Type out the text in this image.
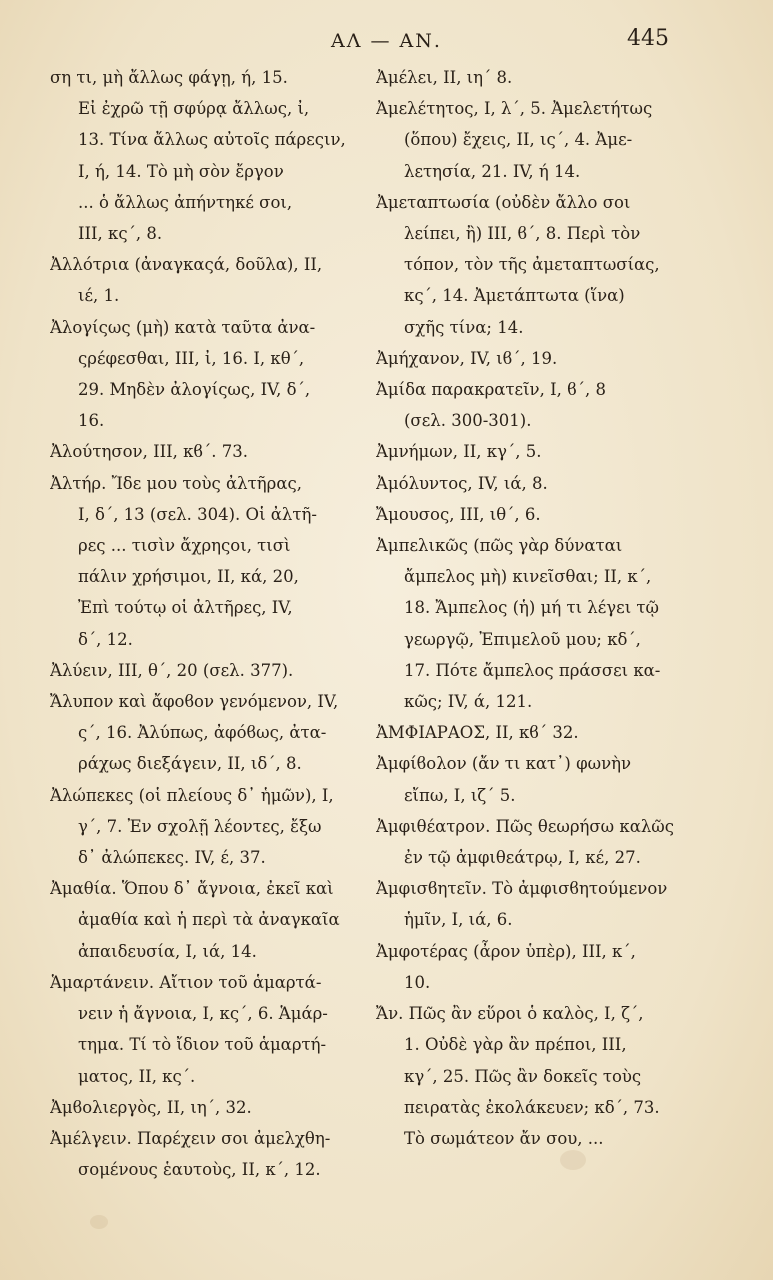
ΑΛ — ΑΝ.	445
ση τι, μὴ ἄλλως φάγῃ, ή, 15.
Εἰ ἐχρῶ τῇ σφύρᾳ ἄλλως, ἰ,
13. Τίνα ἄλλως αὐτοῖς πάρεςιν,
Ι, ή, 14. Τὸ μὴ σὸν ἔργον
... ὁ ἄλλως ἀπήντηκέ σοι,
ΙΙΙ, κς΄, 8.
Ἀλλότρια (ἀναγκαςά, δοῦλα), ΙΙ,
ιέ, 1.
Ἀλογίςως (μὴ) κατὰ ταῦτα ἀνα-
ςρέφεσθαι, ΙΙΙ, ἰ, 16. Ι, κθ΄,
29. Μηδὲν ἀλογίςως, ΙV, δ΄,
16.
Ἀλούτησον, ΙΙΙ, κϐ΄. 73.
Ἀλτήρ. Ἴδε μου τοὺς ἀλτῆρας,
Ι, δ΄, 13 (σελ. 304). Οἱ ἀλτῆ-
ρες ... τισὶν ἄχρηςοι, τισὶ
πάλιν χρήσιμοι, ΙΙ, κά, 20,
Ἐπὶ τούτῳ οἱ ἀλτῆρες, ΙV,
δ΄, 12.
Ἀλύειν, ΙΙΙ, θ΄, 20 (σελ. 377).
Ἄλυπον καὶ ἄφοϐον γενόμενον, ΙV,
ς΄, 16. Ἀλύπως, ἀφόϐως, ἀτα-
ράχως διεξάγειν, ΙΙ, ιδ΄, 8.
Ἀλώπεκες (οἱ πλείους δ᾽ ἡμῶν), Ι,
γ΄, 7. Ἐν σχολῇ λέοντες, ἔξω
δ᾽ ἀλώπεκες. ΙV, έ, 37.
Ἀμαθία. Ὅπου δ᾽ ἄγνοια, ἐκεῖ καὶ
ἀμαθία καὶ ἡ περὶ τὰ ἀναγκαῖα
ἀπαιδευσία, Ι, ιά, 14.
Ἁμαρτάνειν. Αἴτιον τοῦ ἁμαρτά-
νειν ἡ ἄγνοια, Ι, κς΄, 6. Ἁμάρ-
τημα. Τί τὸ ἴδιον τοῦ ἁμαρτή-
ματος, ΙΙ, κς΄.
Ἀμϐολιεργὸς, ΙΙ, ιη΄, 32.
Ἀμέλγειν. Παρέχειν σοι ἀμελχθη-
σομένους ἑαυτοὺς, ΙΙ, κ΄, 12.
Ἀμέλει, ΙΙ, ιη΄ 8.
Ἀμελέτητος, Ι, λ΄, 5. Ἀμελετήτως
(ὅπου) ἔχεις, ΙΙ, ις΄, 4. Ἀμε-
λετησία, 21. ΙV, ή 14.
Ἀμεταπτωσία (οὐδὲν ἄλλο σοι
λείπει, ἢ) ΙΙΙ, ϐ΄, 8. Περὶ τὸν
τόπον, τὸν τῆς ἀμεταπτωσίας,
κς΄, 14. Ἀμετάπτωτα (ἵνα)
σχῆς τίνα; 14.
Ἀμήχανον, ΙV, ιϐ΄, 19.
Ἀμίδα παρακρατεῖν, Ι, ϐ΄, 8
(σελ. 300-301).
Ἀμνήμων, ΙΙ, κγ΄, 5.
Ἀμόλυντος, ΙV, ιά, 8.
Ἄμουσος, ΙΙΙ, ιθ΄, 6.
Ἀμπελικῶς (πῶς γὰρ δύναται
ἄμπελος μὴ) κινεῖσθαι; ΙΙ, κ΄,
18. Ἄμπελος (ἡ) μή τι λέγει τῷ
γεωργῷ, Ἐπιμελοῦ μου; κδ΄,
17. Πότε ἄμπελος πράσσει κα-
κῶς; ΙV, ά, 121.
ἈΜΦΙΑΡΑΟΣ, ΙΙ, κϐ΄ 32.
Ἀμφίϐολον (ἄν τι κατ᾽) φωνὴν
εἴπω, Ι, ιζ΄ 5.
Ἀμφιθέατρον. Πῶς θεωρήσω καλῶς
ἐν τῷ ἀμφιθεάτρῳ, Ι, κέ, 27.
Ἀμφισϐητεῖν. Τὸ ἀμφισϐητούμενον
ἡμῖν, Ι, ιά, 6.
Ἀμφοτέρας (ἆρον ὑπὲρ), ΙΙΙ, κ΄,
10.
Ἄν. Πῶς ἂν εὕροι ὁ καλὸς, Ι, ζ΄,
1. Οὐδὲ γὰρ ἂν πρέποι, ΙΙΙ,
κγ΄, 25. Πῶς ἂν δοκεῖς τοὺς
πειρατὰς ἐκολάκευεν; κδ΄, 73.
Τὸ σωμάτεον ἄν σου, ...
